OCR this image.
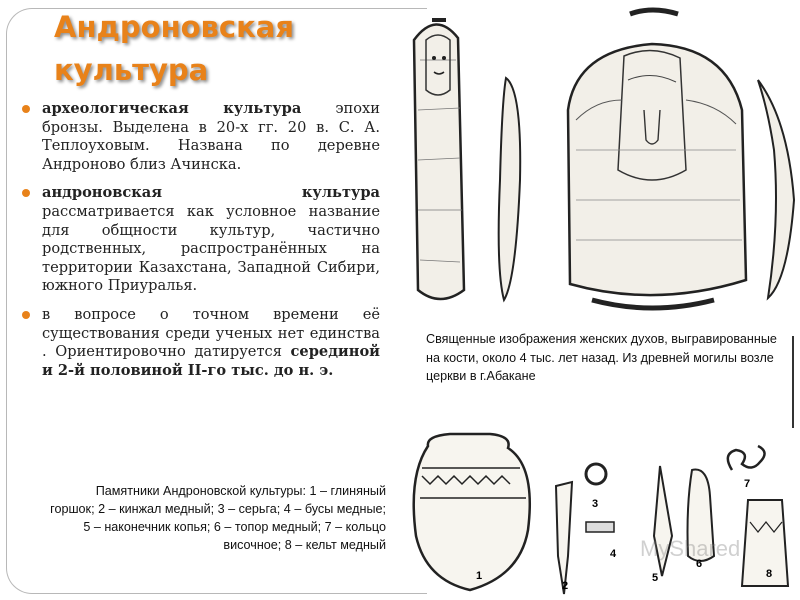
Андроновская
культура
археологическая культура эпохи бронзы. Выделена в 20-х гг. 20 в. С. А. Теплоуховым. Названа по деревне Андроново близ Ачинска.
андроновская культура рассматривается как условное название для общности культур, частично родственных, распространённых на территории Казахстана, Западной Сибири, южного Приуралья.
в вопросе о точном времени её существования среди ученых нет единства . Ориентировочно датируется серединой и 2-й половиной II-го тыс. до н. э.
Памятники Андроновской культуры: 1 – глиняный горшок; 2 – кинжал медный; 3 – серьга; 4 – бусы медные; 5 – наконечник копья; 6 – топор медный; 7 – кольцо височное; 8 – кельт медный
Священные изображения женских духов, выгравированные на кости, около 4 тыс. лет назад. Из древней могилы возле церкви в г.Абакане
1
2
3
4
5
6
7
8
MyShared
